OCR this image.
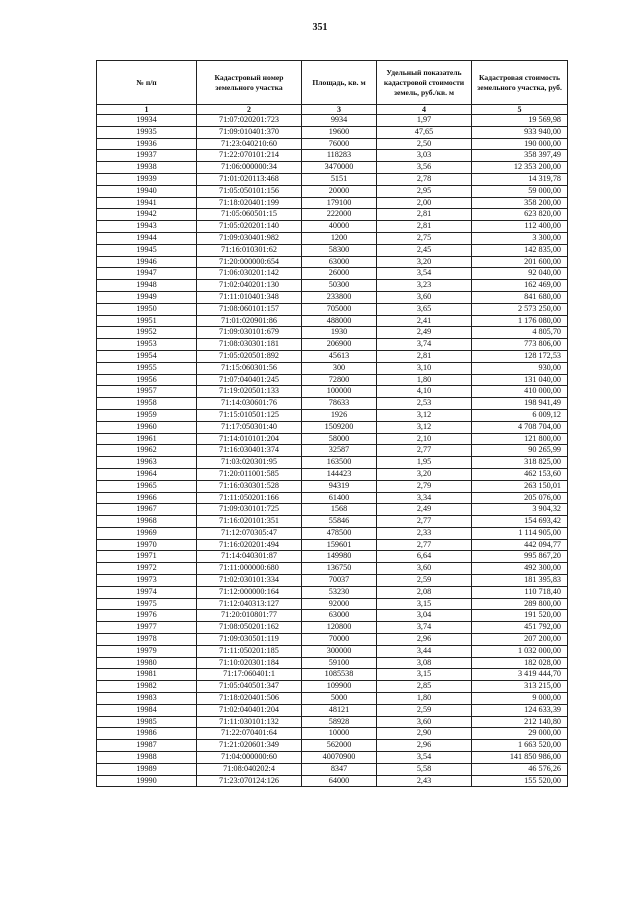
351
№ п/п	Кадастровый номер земельного участка	Площадь, кв. м	Удельный показатель кадастровой стоимости земель, руб./кв. м	Кадастровая стоимость земельного участка, руб.
1	2	3	4	5
19934	71:07:020201:723	9934	1,97	19 569,98
19935	71:09:010401:370	19600	47,65	933 940,00
19936	71:23:040210:60	76000	2,50	190 000,00
19937	71:22:070101:214	118283	3,03	358 397,49
19938	71:06:000000:34	3470000	3,56	12 353 200,00
19939	71:01:020113:468	5151	2,78	14 319,78
19940	71:05:050101:156	20000	2,95	59 000,00
19941	71:18:020401:199	179100	2,00	358 200,00
19942	71:05:060501:15	222000	2,81	623 820,00
19943	71:05:020201:140	40000	2,81	112 400,00
19944	71:09:030401:982	1200	2,75	3 300,00
19945	71:16:010301:62	58300	2,45	142 835,00
19946	71:20:000000:654	63000	3,20	201 600,00
19947	71:06:030201:142	26000	3,54	92 040,00
19948	71:02:040201:130	50300	3,23	162 469,00
19949	71:11:010401:348	233800	3,60	841 680,00
19950	71:08:060101:157	705000	3,65	2 573 250,00
19951	71:01:020901:86	488000	2,41	1 176 080,00
19952	71:09:030101:679	1930	2,49	4 805,70
19953	71:08:030301:181	206900	3,74	773 806,00
19954	71:05:020501:892	45613	2,81	128 172,53
19955	71:15:060301:56	300	3,10	930,00
19956	71:07:040401:245	72800	1,80	131 040,00
19957	71:19:020501:133	100000	4,10	410 000,00
19958	71:14:030601:76	78633	2,53	198 941,49
19959	71:15:010501:125	1926	3,12	6 009,12
19960	71:17:050301:40	1509200	3,12	4 708 704,00
19961	71:14:010101:204	58000	2,10	121 800,00
19962	71:16:030401:374	32587	2,77	90 265,99
19963	71:03:020301:95	163500	1,95	318 825,00
19964	71:20:011001:585	144423	3,20	462 153,60
19965	71:16:030301:528	94319	2,79	263 150,01
19966	71:11:050201:166	61400	3,34	205 076,00
19967	71:09:030101:725	1568	2,49	3 904,32
19968	71:16:020101:351	55846	2,77	154 693,42
19969	71:12:070305:47	478500	2,33	1 114 905,00
19970	71:16:020201:494	159601	2,77	442 094,77
19971	71:14:040301:87	149980	6,64	995 867,20
19972	71:11:000000:680	136750	3,60	492 300,00
19973	71:02:030101:334	70037	2,59	181 395,83
19974	71:12:000000:164	53230	2,08	110 718,40
19975	71:12:040313:127	92000	3,15	289 800,00
19976	71:20:010801:77	63000	3,04	191 520,00
19977	71:08:050201:162	120800	3,74	451 792,00
19978	71:09:030501:119	70000	2,96	207 200,00
19979	71:11:050201:185	300000	3,44	1 032 000,00
19980	71:10:020301:184	59100	3,08	182 028,00
19981	71:17:060401:1	1085538	3,15	3 419 444,70
19982	71:05:040501:347	109900	2,85	313 215,00
19983	71:18:020401:506	5000	1,80	9 000,00
19984	71:02:040401:204	48121	2,59	124 633,39
19985	71:11:030101:132	58928	3,60	212 140,80
19986	71:22:070401:64	10000	2,90	29 000,00
19987	71:21:020601:349	562000	2,96	1 663 520,00
19988	71:04:000000:60	40070900	3,54	141 850 986,00
19989	71:08:040202:4	8347	5,58	46 576,26
19990	71:23:070124:126	64000	2,43	155 520,00
